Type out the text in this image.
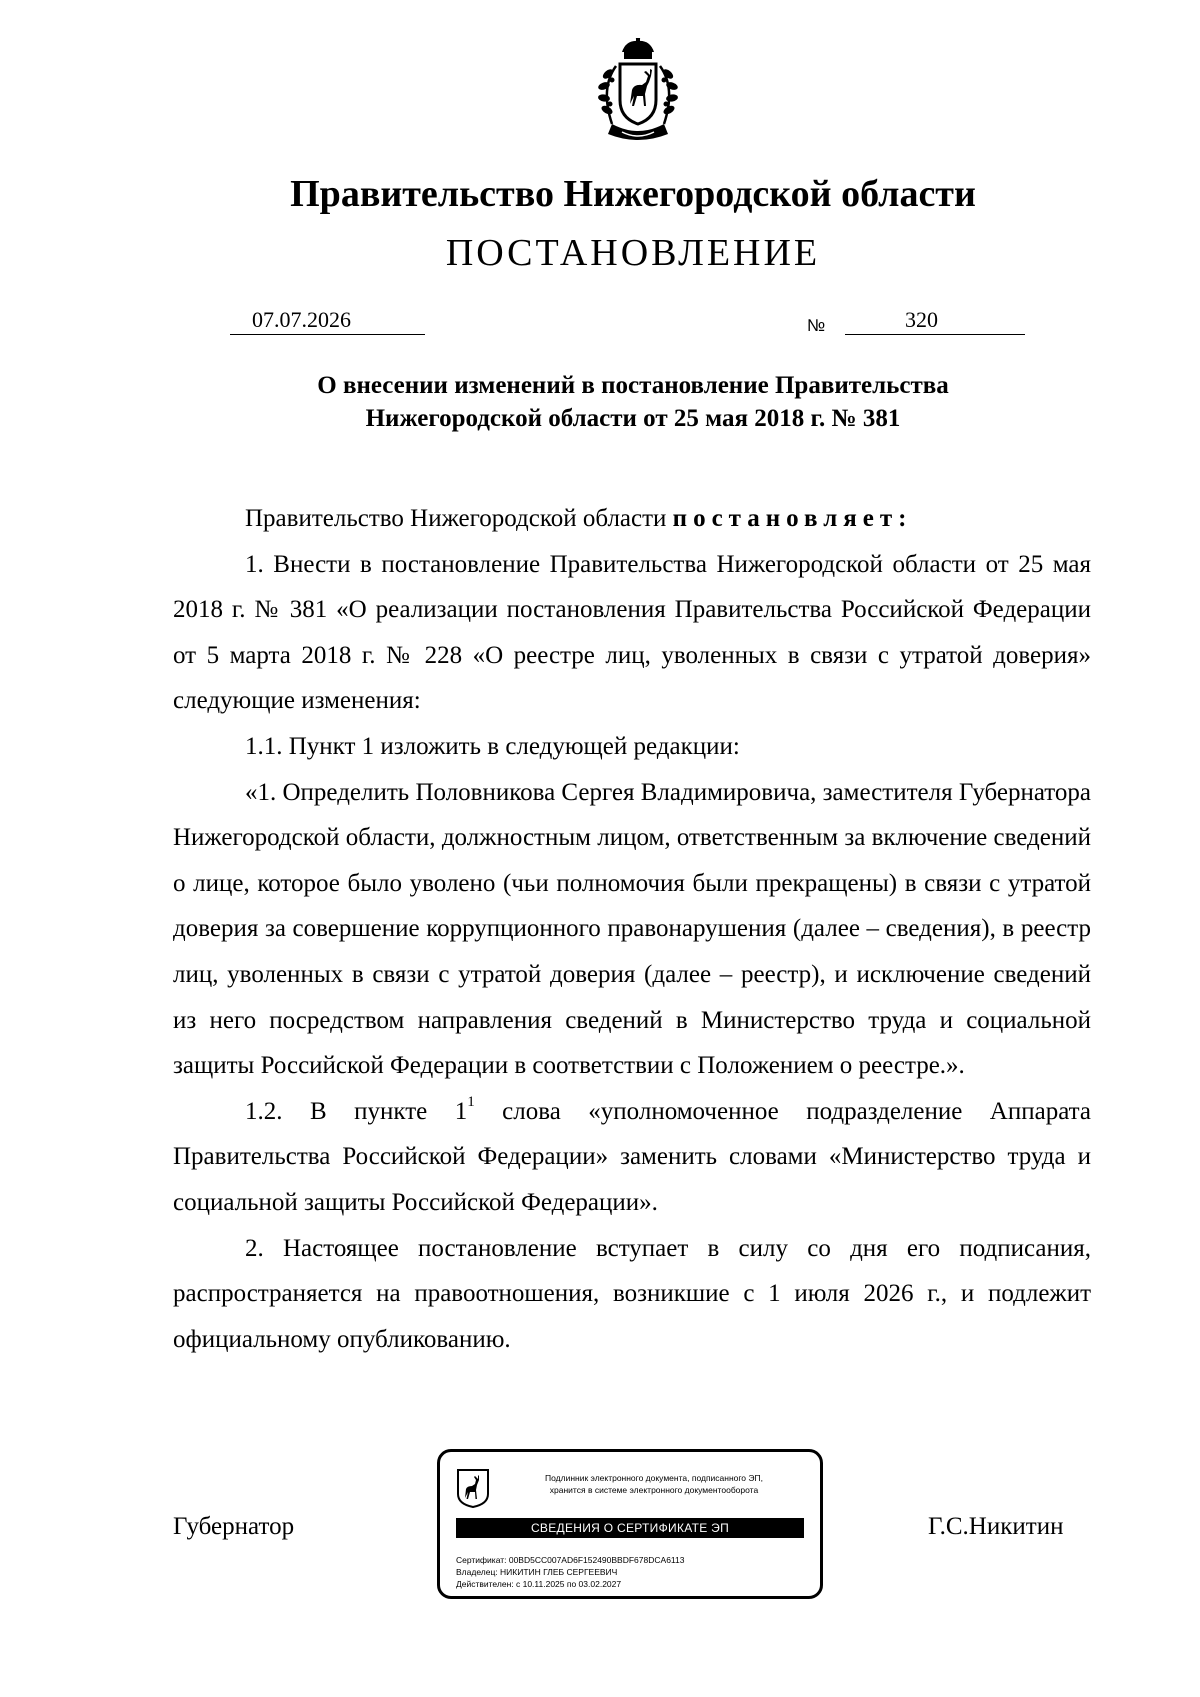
Правительство Нижегородской области
ПОСТАНОВЛЕНИЕ
07.07.2026	№	320
О внесении изменений в постановление Правительства
Нижегородской области от 25 мая 2018 г. № 381

Правительство Нижегородской области постановляет:

1. Внести в постановление Правительства Нижегородской области от 25 мая 2018 г. № 381 «О реализации постановления Правительства Российской Федерации от 5 марта 2018 г. № 228 «О реестре лиц, уволенных в связи с утратой доверия» следующие изменения:

1.1. Пункт 1 изложить в следующей редакции:

«1. Определить Половникова Сергея Владимировича, заместителя Губернатора Нижегородской области, должностным лицом, ответственным за включение сведений о лице, которое было уволено (чьи полномочия были прекращены) в связи с утратой доверия за совершение коррупционного правонарушения (далее – сведения), в реестр лиц, уволенных в связи с утратой доверия (далее – реестр), и исключение сведений из него посредством направления сведений в Министерство труда и социальной защиты Российской Федерации в соответствии с Положением о реестре.».

1.2. В пункте $1^1$ слова «уполномоченное подразделение Аппарата Правительства Российской Федерации» заменить словами «Министерство труда и социальной защиты Российской Федерации».

2. Настоящее постановление вступает в силу со дня его подписания, распространяется на правоотношения, возникшие с 1 июля 2026 г., и подлежит официальному опубликованию.

Губернатор
Подлинник электронного документа, подписанного ЭП,
хранится в системе электронного документооборота
СВЕДЕНИЯ О СЕРТИФИКАТЕ ЭП
Сертификат: 00BD5CC007AD6F152490BBDF678DCA6113
Владелец: НИКИТИН ГЛЕБ СЕРГЕЕВИЧ
Действителен: с 10.11.2025 по 03.02.2027
Г.С.Никитин
